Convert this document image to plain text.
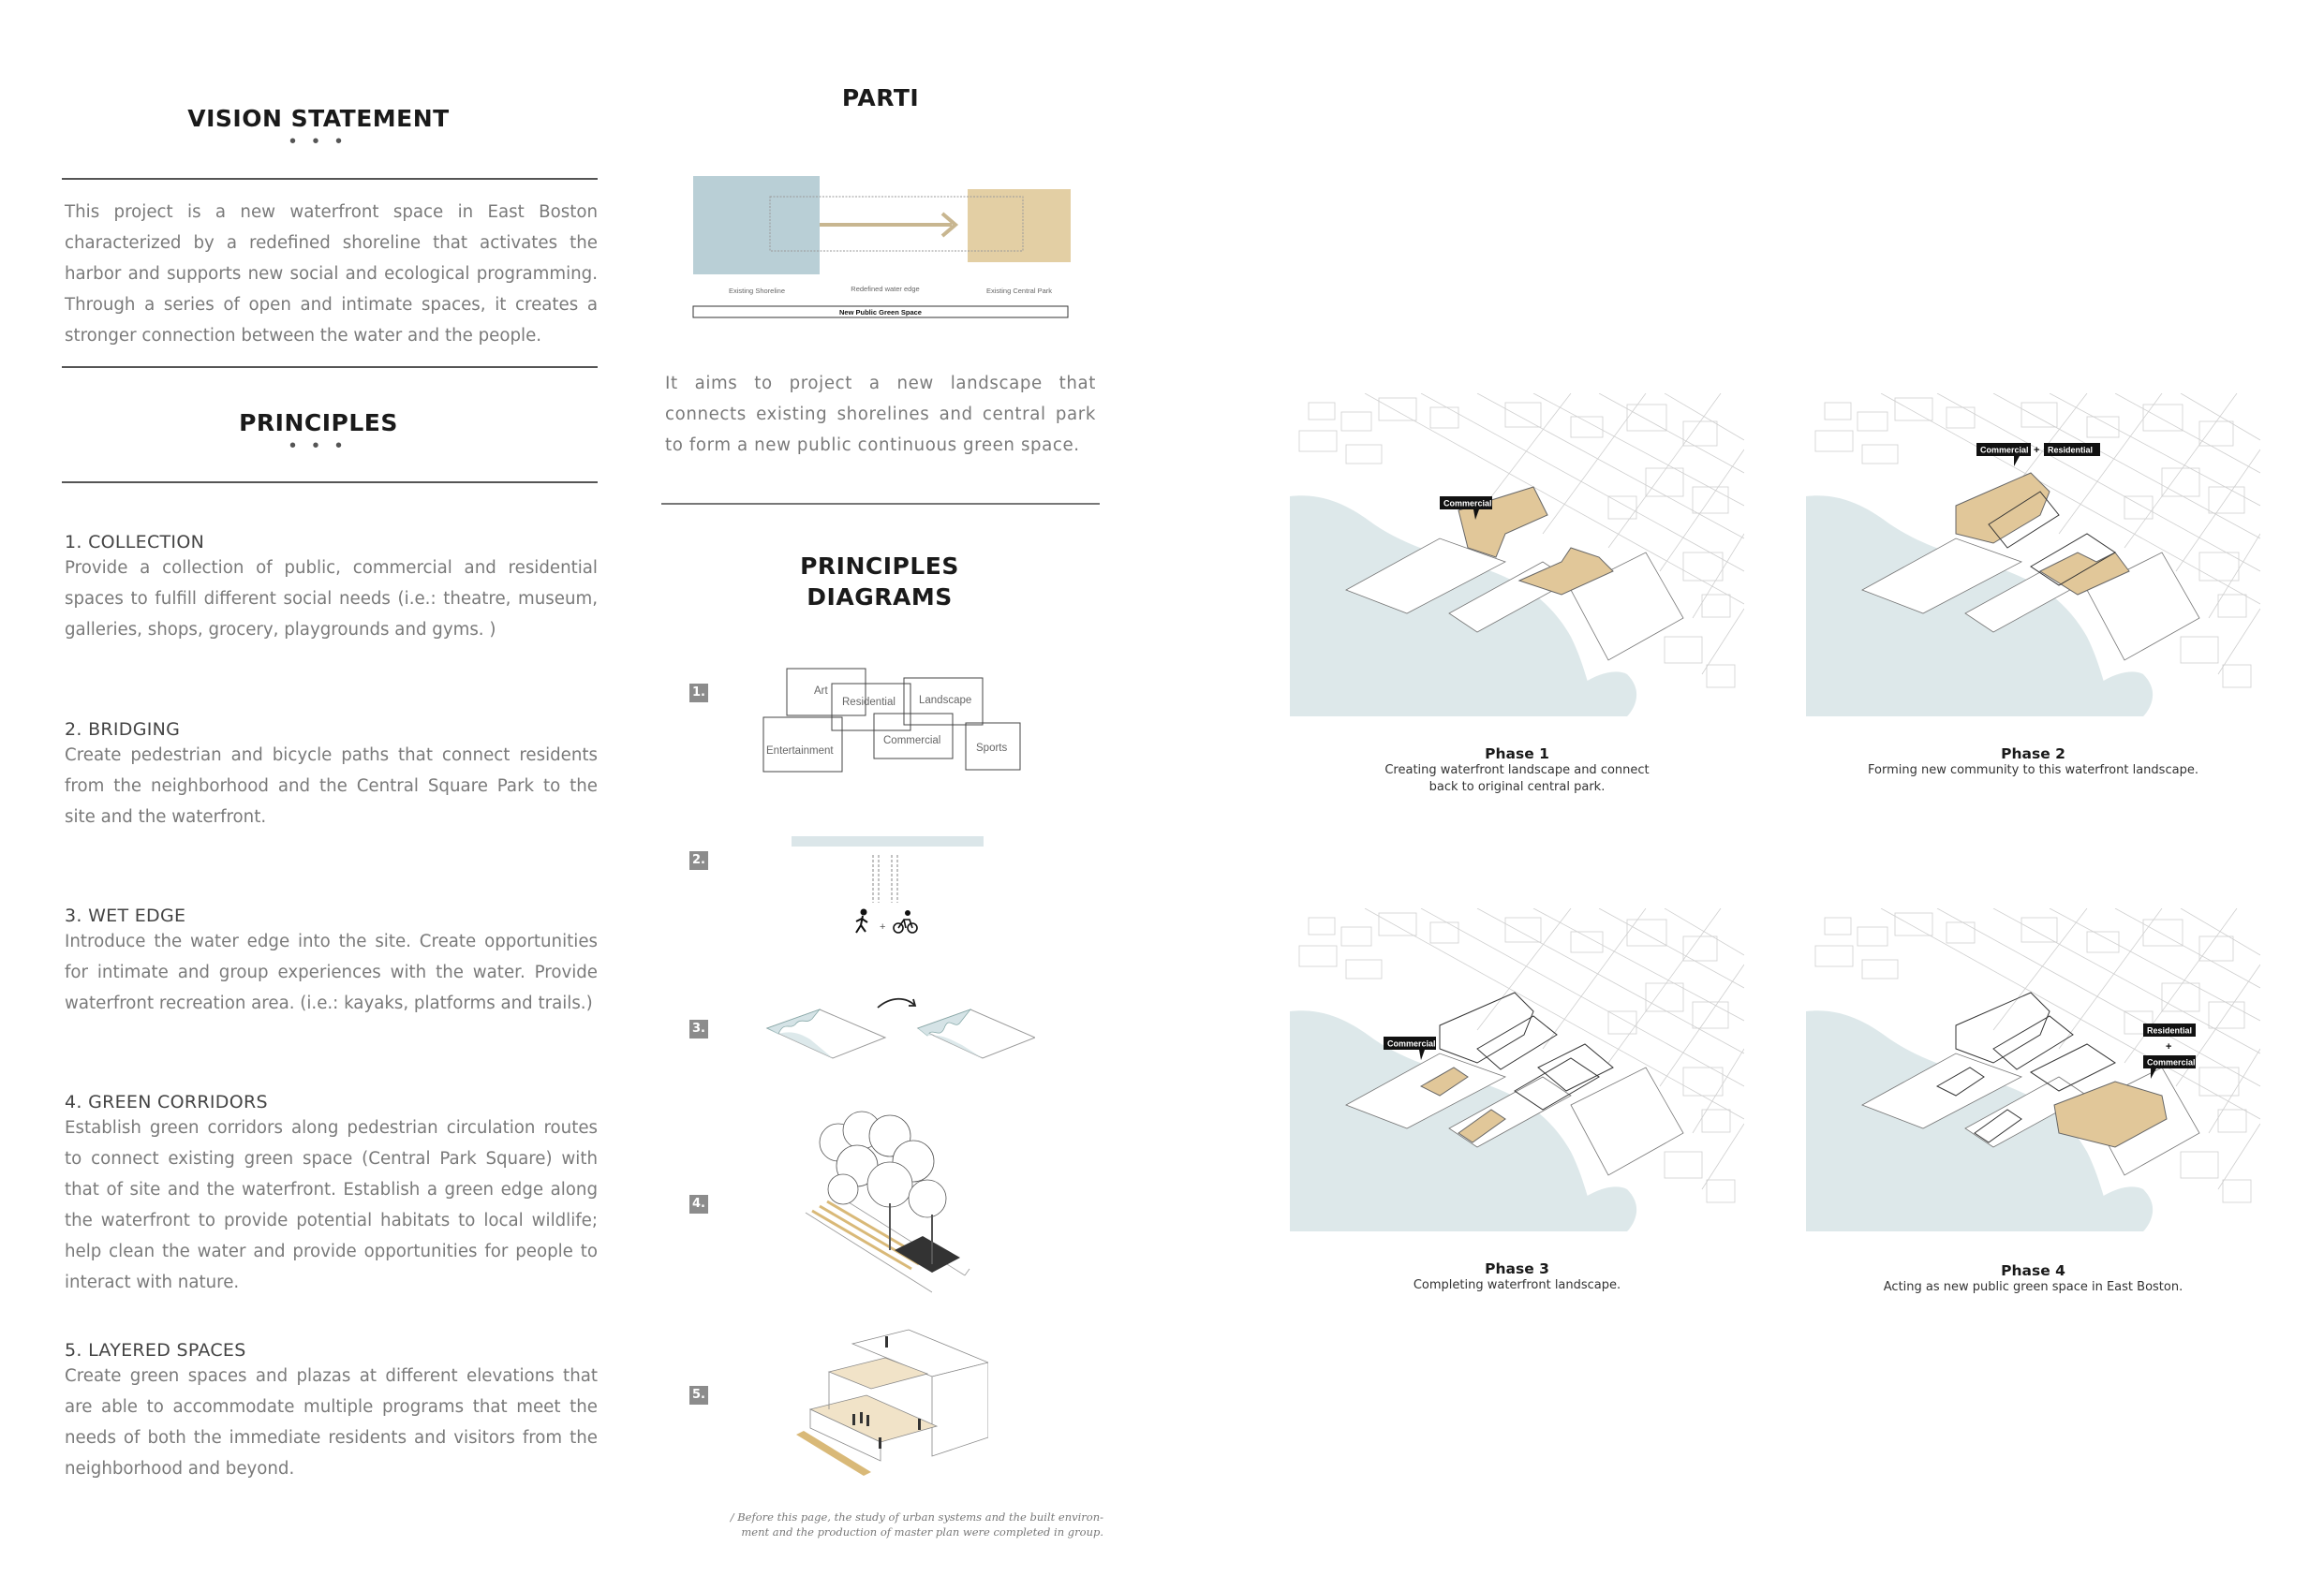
VISION STATEMENT
• • •
This project is a new waterfront space in East Boston characterized by a redefined shoreline that activates the harbor and supports new social and ecological programming. Through a series of open and intimate spaces, it creates a stronger connection between the water and the people.
PRINCIPLES
• • •
1. COLLECTION
Provide a collection of public, commercial and residential spaces to fulfill different social needs (i.e.: theatre, museum, galleries, shops, grocery, playgrounds and gyms. )
2. BRIDGING
Create pedestrian and bicycle paths that connect residents from the neighborhood and the Central Square Park to the site and the waterfront.
3. WET EDGE
Introduce the water edge into the site. Create opportunities for intimate and group experiences with the water. Provide waterfront recreation area. (i.e.: kayaks, platforms and trails.)
4. GREEN CORRIDORS
Establish green corridors along pedestrian circulation routes to connect existing green space (Central Park Square) with that of site and the waterfront. Establish a green edge along the waterfront to provide potential habitats to local wildlife; help clean the water and provide opportunities for people to interact with nature.
5. LAYERED SPACES
Create green spaces and plazas at different elevations that are able to accommodate multiple programs that meet the needs of both the immediate residents and visitors from the neighborhood and beyond.
PARTI
Existing Shoreline	Redefined water edge	Existing Central Park
New Public Green Space
It aims to project a new landscape that connects existing shorelines and central park to form a new public continuous green space.
PRINCIPLES
DIAGRAMS
1.
2.
3.
4.
5.
Art
Residential Landscape
Entertainment
Commercial
Sports
+
/ Before this page, the study of urban systems and the built environ-
ment and the production of master plan were completed in group.
Commercial
Phase 1
Creating waterfront landscape and connect
back to original central park.
Commercial + Residential
Phase 2
Forming new community to this waterfront landscape.
Commercial
Phase 3
Completing waterfront landscape.
Residential
+
Commercial
Phase 4
Acting as new public green space in East Boston.
